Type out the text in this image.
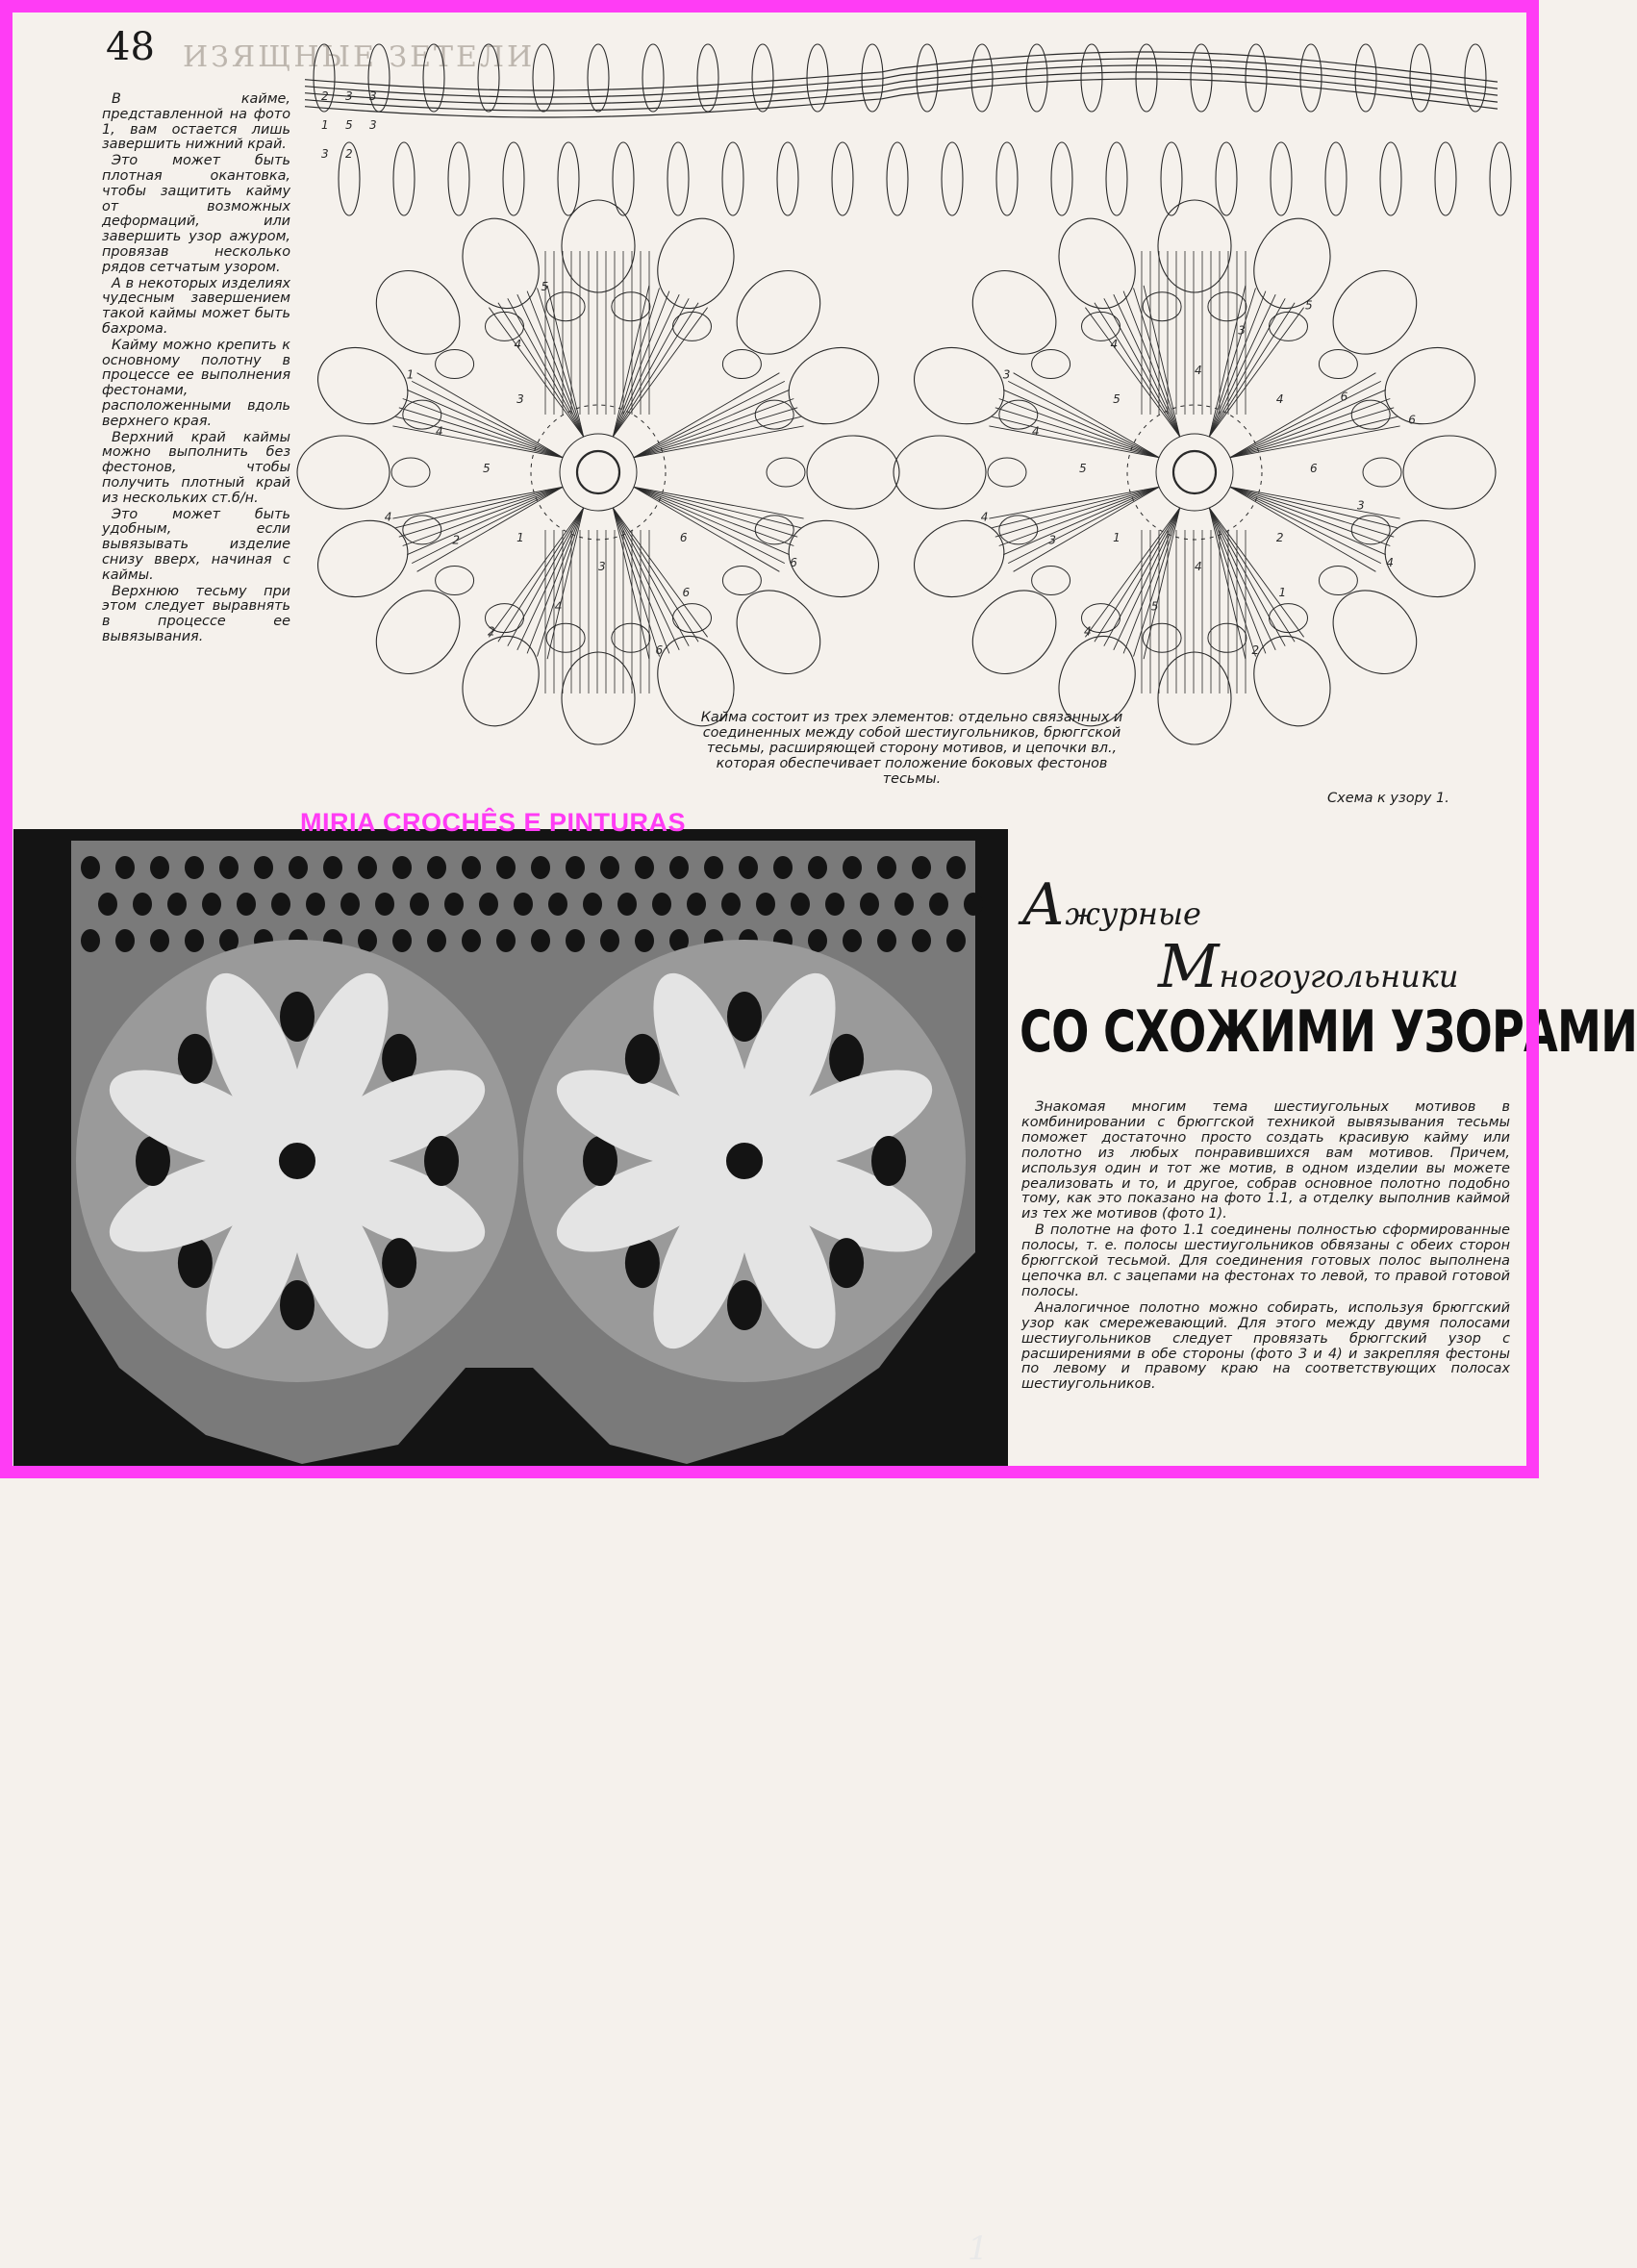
48 ИЗЯЩНЫЕ ЗЕТЕЛИ

В кайме, представленной на фото 1, вам остается лишь завершить нижний край.

Это может быть плотная окантовка, чтобы защитить кайму от возможных деформаций, или завершить узор ажуром, провязав несколько рядов сетчатым узором.

А в некоторых изделиях чудесным завершением такой каймы может быть бахрома.

Кайму можно крепить к основному полотну в процессе ее выполнения фестонами, расположенными вдоль верхнего края.

Верхний край каймы можно выполнить без фестонов, чтобы получить плотный край из нескольких ст.б/н.

Это может быть удобным, если вывязывать изделие снизу вверх, начиная с каймы.

Верхнюю тесьму при этом следует выравнять в процессе ее вывязывания.

2 3 3
1 5 3
3 2
6
6
6
6
3
4
2
1
2
4
5
4
1
3
4
5
4
3
5
4	6
6
6
3
4
2
1
2
4
5
4
1
3
4
5
4
3
5
4
Кайма состоит из трех элементов: отдельно связанных и соединенных между собой шестиугольников, брюггской тесьмы, расширяющей сторону мотивов, и цепочки вл., которая обеспечивает положение боковых фестонов тесьмы.
Схема к узору 1.
1
MIRIA CROCHÊS E PINTURAS
Ажурные
Многоугольники
СО СХОЖИМИ УЗОРАМИ

Знакомая многим тема шестиугольных мотивов в комбинировании с брюггской техникой вывязывания тесьмы поможет достаточно просто создать красивую кайму или полотно из любых понравившихся вам мотивов. Причем, используя один и тот же мотив, в одном изделии вы можете реализовать и то, и другое, собрав основное полотно подобно тому, как это показано на фото 1.1, а отделку выполнив каймой из тех же мотивов (фото 1).

В полотне на фото 1.1 соединены полностью сформированные полосы, т. е. полосы шестиугольников обвязаны с обеих сторон брюггской тесьмой. Для соединения готовых полос выполнена цепочка вл. с зацепами на фестонах то левой, то правой готовой полосы.

Аналогичное полотно можно собирать, используя брюггский узор как смережевающий. Для этого между двумя полосами шестиугольников следует провязать брюггский узор с расширениями в обе стороны (фото 3 и 4) и закрепляя фестоны по левому и правому краю на соответствующих полосах шестиугольников.
